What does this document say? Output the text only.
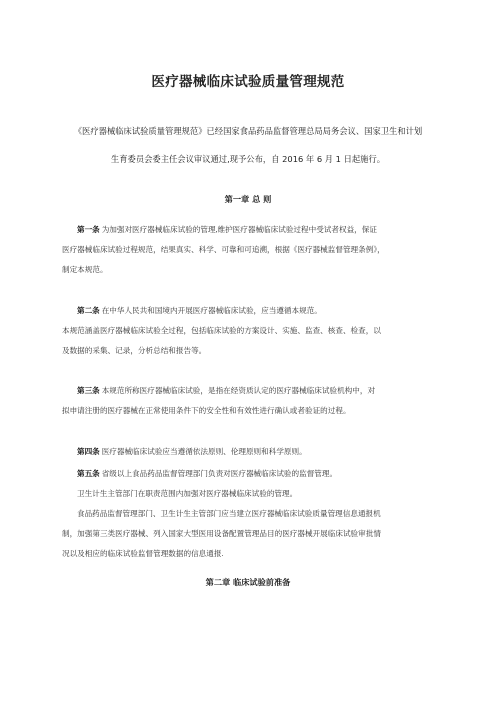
医疗器械临床试验质量管理规范
《医疗器械临床试验质量管理规范》已经国家食品药品监督管理总局局务会议、国家卫生和计划
生育委员会委主任会议审议通过,现予公布，自 2016 年 6 月 1 日起施行。
第一章 总 则
第一条 为加强对医疗器械临床试验的管理,维护医疗器械临床试验过程中受试者权益，保证
医疗器械临床试验过程规范，结果真实、科学、可靠和可追溯，根据《医疗器械监督管理条例》，
制定本规范。
第二条 在中华人民共和国境内开展医疗器械临床试验，应当遵循本规范。
本规范涵盖医疗器械临床试验全过程，包括临床试验的方案设计、实施、监查、核查、检查，以
及数据的采集、记录，分析总结和报告等。
第三条 本规范所称医疗器械临床试验，是指在经资质认定的医疗器械临床试验机构中，对
拟申请注册的医疗器械在正常使用条件下的安全性和有效性进行确认或者验证的过程。
第四条 医疗器械临床试验应当遵循依法原则、伦理原则和科学原则。
第五条 省级以上食品药品监督管理部门负责对医疗器械临床试验的监督管理。
卫生计生主管部门在职责范围内加强对医疗器械临床试验的管理。
食品药品监督管理部门、卫生计生主管部门应当建立医疗器械临床试验质量管理信息通报机
制，加强第三类医疗器械、列入国家大型医用设备配置管理品目的医疗器械开展临床试验审批情
况以及相应的临床试验监督管理数据的信息通报.
第二章 临床试验前准备
